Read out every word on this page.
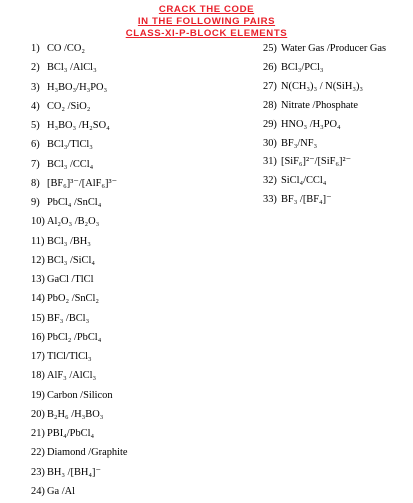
CRACK THE CODE
IN THE FOLLOWING PAIRS
CLASS-XI-P-BLOCK ELEMENTS
1) CO /CO₂
2) BCl₃ /AlCl₃
3) H₃BO₃/H₃PO₃
4) CO₂ /SiO₂
5) H₃BO₃ /H₂SO₄
6) BCl₃/TlCl₃
7) BCl₃ /CCl₄
8) [BF₆]³⁻/[AlF₆]³⁻
9) PbCl₄ /SnCl₄
10) Al₂O₃ /B₂O₃
11) BCl₃ /BH₃
12) BCl₃ /SiCl₄
13) GaCl /TlCl
14) PbO₂ /SnCl₂
15) BF₃ /BCl₃
16) PbCl₂ /PbCl₄
17) TlCl/TlCl₃
18) AlF₃ /AlCl₃
19) Carbon /Silicon
20) B₂H₆ /H₃BO₃
21) PBI₄/PbCl₄
22) Diamond /Graphite
23) BH₃ /[BH₄]⁻
24) Ga /Al
25) Water Gas /Producer Gas
26) BCl₃/PCl₃
27) N(CH₃)₃ / N(SiH₃)₃
28) Nitrate /Phosphate
29) HNO₃ /H₃PO₄
30) BF₃/NF₃
31) [SiF₆]²⁻/[SiF₆]²⁻
32) SiCl₄/CCl₄
33) BF₃ /[BF₄]⁻
